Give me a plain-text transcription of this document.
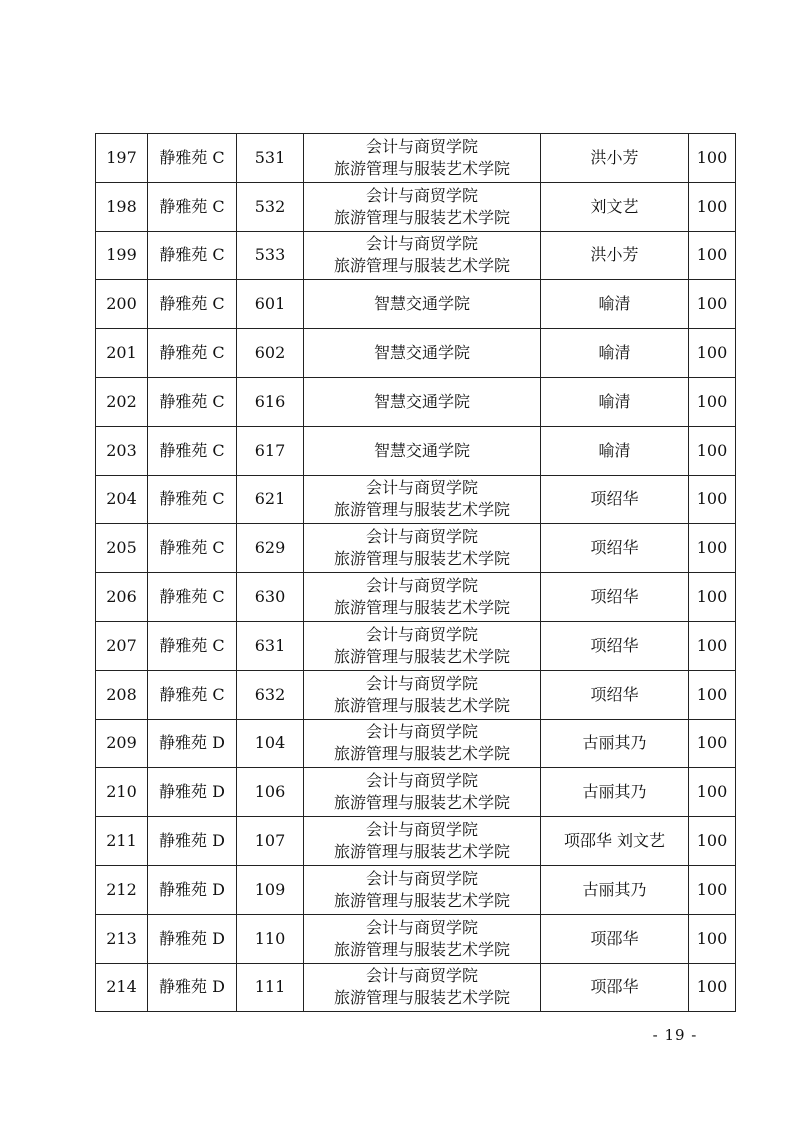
197	静雅苑 C	531	会计与商贸学院
旅游管理与服装艺术学院	洪小芳	100
198	静雅苑 C	532	会计与商贸学院
旅游管理与服装艺术学院	刘文艺	100
199	静雅苑 C	533	会计与商贸学院
旅游管理与服装艺术学院	洪小芳	100
200	静雅苑 C	601	智慧交通学院	喻清	100
201	静雅苑 C	602	智慧交通学院	喻清	100
202	静雅苑 C	616	智慧交通学院	喻清	100
203	静雅苑 C	617	智慧交通学院	喻清	100
204	静雅苑 C	621	会计与商贸学院
旅游管理与服装艺术学院	项绍华	100
205	静雅苑 C	629	会计与商贸学院
旅游管理与服装艺术学院	项绍华	100
206	静雅苑 C	630	会计与商贸学院
旅游管理与服装艺术学院	项绍华	100
207	静雅苑 C	631	会计与商贸学院
旅游管理与服装艺术学院	项绍华	100
208	静雅苑 C	632	会计与商贸学院
旅游管理与服装艺术学院	项绍华	100
209	静雅苑 D	104	会计与商贸学院
旅游管理与服装艺术学院	古丽其乃	100
210	静雅苑 D	106	会计与商贸学院
旅游管理与服装艺术学院	古丽其乃	100
211	静雅苑 D	107	会计与商贸学院
旅游管理与服装艺术学院	项邵华 刘文艺	100
212	静雅苑 D	109	会计与商贸学院
旅游管理与服装艺术学院	古丽其乃	100
213	静雅苑 D	110	会计与商贸学院
旅游管理与服装艺术学院	项邵华	100
214	静雅苑 D	111	会计与商贸学院
旅游管理与服装艺术学院	项邵华	100
- 19 -
